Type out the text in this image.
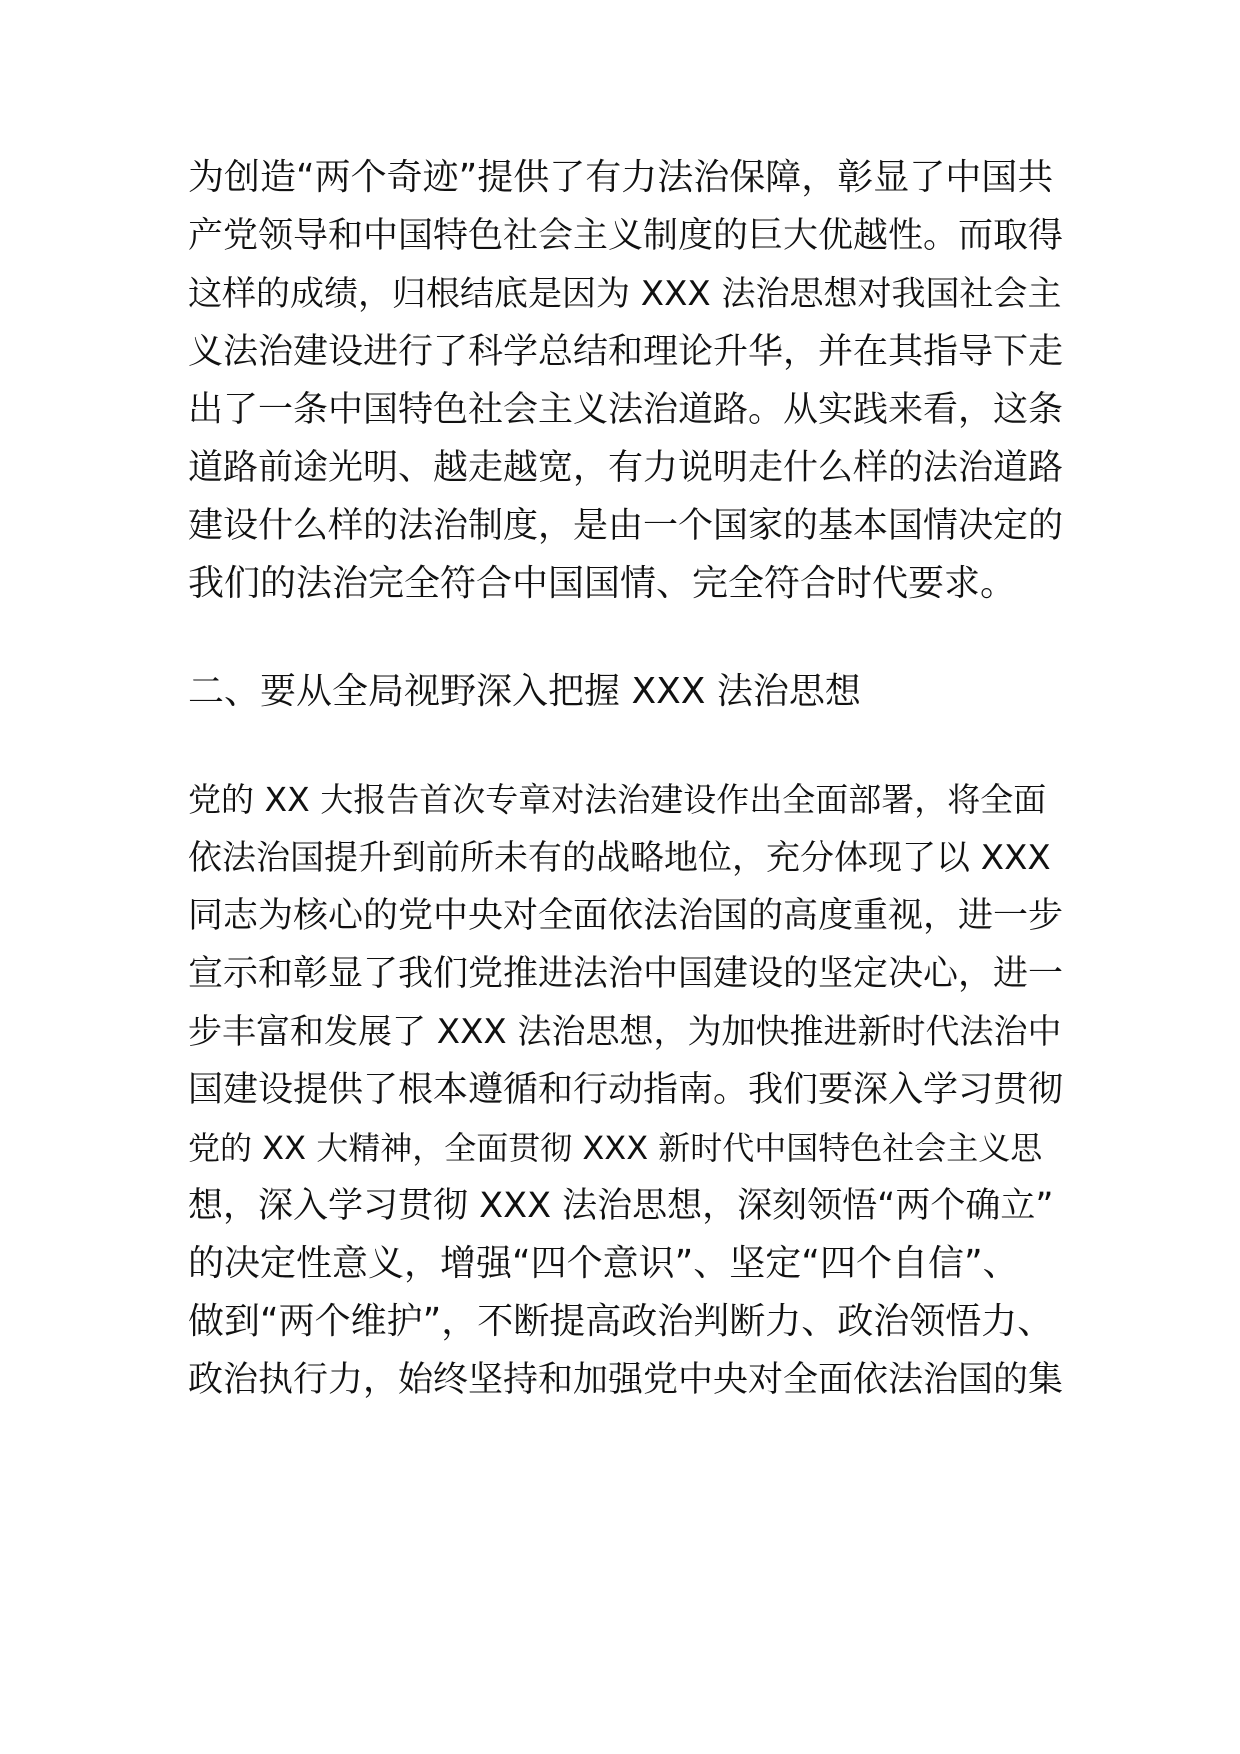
为创造“两个奇迹”提供了有力法治保障，彰显了中国共
产党领导和中国特色社会主义制度的巨大优越性。而取得
这样的成绩，归根结底是因为 XXX 法治思想对我国社会主
义法治建设进行了科学总结和理论升华，并在其指导下走
出了一条中国特色社会主义法治道路。从实践来看，这条
道路前途光明、越走越宽，有力说明走什么样的法治道路
建设什么样的法治制度，是由一个国家的基本国情决定的
我们的法治完全符合中国国情、完全符合时代要求。
二、要从全局视野深入把握 XXX 法治思想
党的 XX 大报告首次专章对法治建设作出全面部署，将全面
依法治国提升到前所未有的战略地位，充分体现了以 XXX
同志为核心的党中央对全面依法治国的高度重视，进一步
宣示和彰显了我们党推进法治中国建设的坚定决心，进一
步丰富和发展了 XXX 法治思想，为加快推进新时代法治中
国建设提供了根本遵循和行动指南。我们要深入学习贯彻
党的 XX 大精神，全面贯彻 XXX 新时代中国特色社会主义思
想，深入学习贯彻 XXX 法治思想，深刻领悟“两个确立”
的决定性意义，增强“四个意识”、坚定“四个自信”、
做到“两个维护”，不断提高政治判断力、政治领悟力、
政治执行力，始终坚持和加强党中央对全面依法治国的集
